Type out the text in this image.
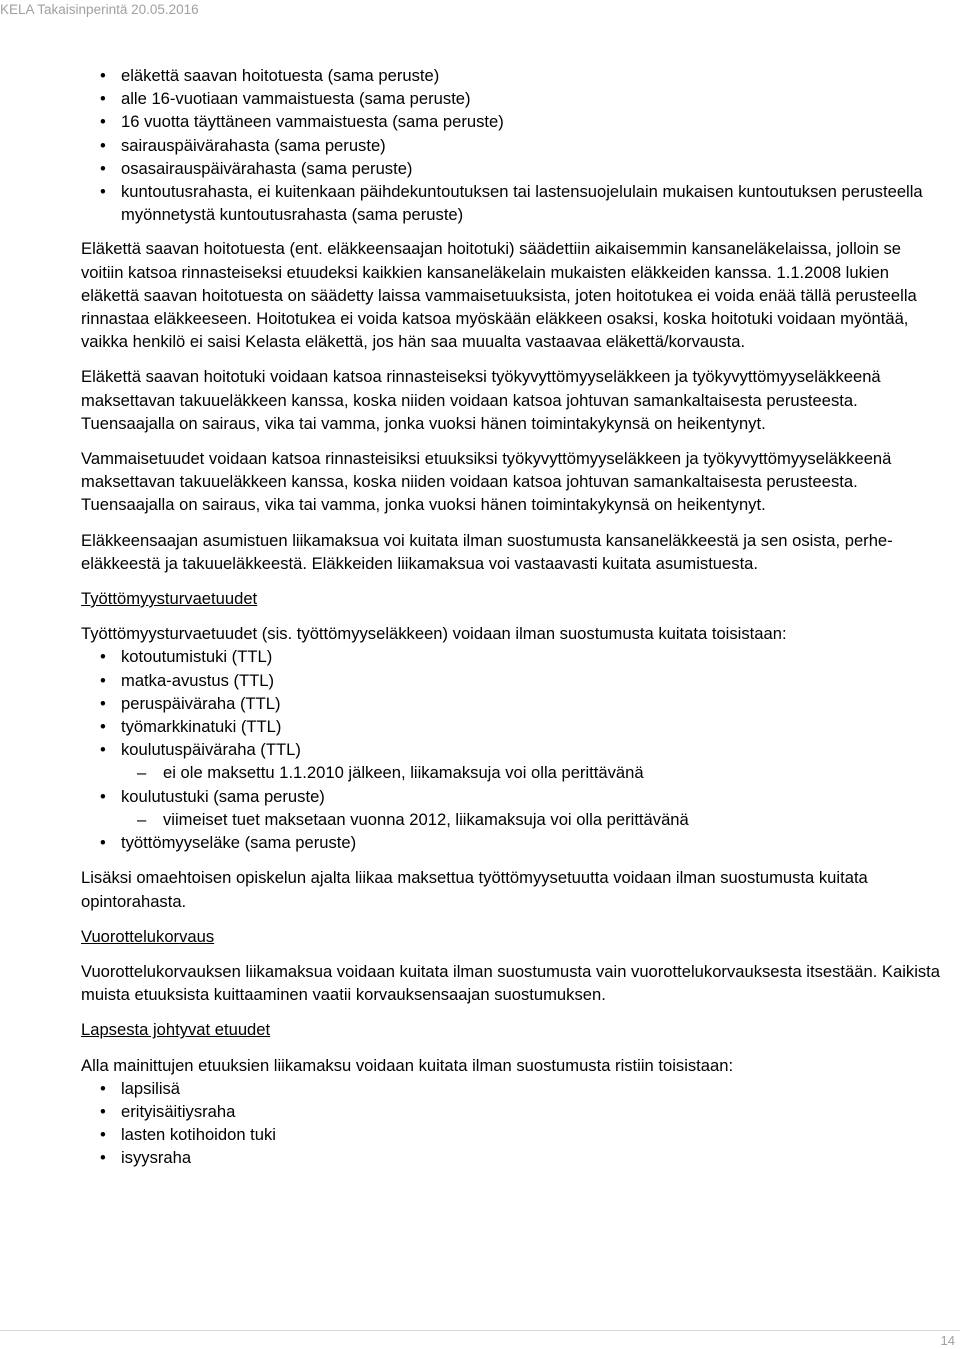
KELA Takaisinperintä 20.05.2016
• eläkettä saavan hoitotuesta (sama peruste)
• alle 16-vuotiaan vammaistuesta (sama peruste)
• 16 vuotta täyttäneen vammaistuesta (sama peruste)
• sairauspäivärahasta (sama peruste)
• osasairauspäivärahasta (sama peruste)
• kuntoutusrahasta, ei kuitenkaan päihdekuntoutuksen tai lastensuojelulain mukaisen kuntoutuksen perusteella myönnetystä kuntoutusrahasta (sama peruste)

Eläkettä saavan hoitotuesta (ent. eläkkeensaajan hoitotuki) säädettiin aikaisemmin kansaneläkelaissa, jolloin se voitiin katsoa rinnasteiseksi etuudeksi kaikkien kansaneläkelain mukaisten eläkkeiden kanssa. 1.1.2008 lukien eläkettä saavan hoitotuesta on säädetty laissa vammaisetuuksista, joten hoitotukea ei voida enää tällä perusteella rinnastaa eläkkeeseen. Hoitotukea ei voida katsoa myöskään eläkkeen osaksi, koska hoitotuki voidaan myöntää, vaikka henkilö ei saisi Kelasta eläkettä, jos hän saa muualta vastaavaa eläkettä/korvausta.

Eläkettä saavan hoitotuki voidaan katsoa rinnasteiseksi työkyvyttömyyseläkkeen ja työkyvyttömyyseläkkeenä maksettavan takuueläkkeen kanssa, koska niiden voidaan katsoa johtuvan samankaltaisesta perusteesta. Tuensaajalla on sairaus, vika tai vamma, jonka vuoksi hänen toimintakykynsä on heikentynyt.

Vammaisetuudet voidaan katsoa rinnasteisiksi etuuksiksi työkyvyttömyyseläkkeen ja työkyvyttömyyseläkkeenä maksettavan takuueläkkeen kanssa, koska niiden voidaan katsoa johtuvan samankaltaisesta perusteesta. Tuensaajalla on sairaus, vika tai vamma, jonka vuoksi hänen toimintakykynsä on heikentynyt.

Eläkkeensaajan asumistuen liikamaksua voi kuitata ilman suostumusta kansaneläkkeestä ja sen osista, perhe-eläkkeestä ja takuueläkkeestä. Eläkkeiden liikamaksua voi vastaavasti kuitata asumistuesta.

Työttömyysturvaetuudet

Työttömyysturvaetuudet (sis. työttömyyseläkkeen) voidaan ilman suostumusta kuitata toisistaan:

• kotoutumistuki (TTL)
• matka-avustus (TTL)
• peruspäiväraha (TTL)
• työmarkkinatuki (TTL)
• koulutuspäiväraha (TTL)
– ei ole maksettu 1.1.2010 jälkeen, liikamaksuja voi olla perittävänä
• koulutustuki (sama peruste)
– viimeiset tuet maksetaan vuonna 2012, liikamaksuja voi olla perittävänä
• työttömyyseläke (sama peruste)

Lisäksi omaehtoisen opiskelun ajalta liikaa maksettua työttömyysetuutta voidaan ilman suostumusta kuitata opintorahasta.

Vuorottelukorvaus

Vuorottelukorvauksen liikamaksua voidaan kuitata ilman suostumusta vain vuorottelukorvauksesta itsestään. Kaikista muista etuuksista kuittaaminen vaatii korvauksensaajan suostumuksen.

Lapsesta johtyvat etuudet

Alla mainittujen etuuksien liikamaksu voidaan kuitata ilman suostumusta ristiin toisistaan:

• lapsilisä
• erityisäitiysraha
• lasten kotihoidon tuki
• isyysraha
14
